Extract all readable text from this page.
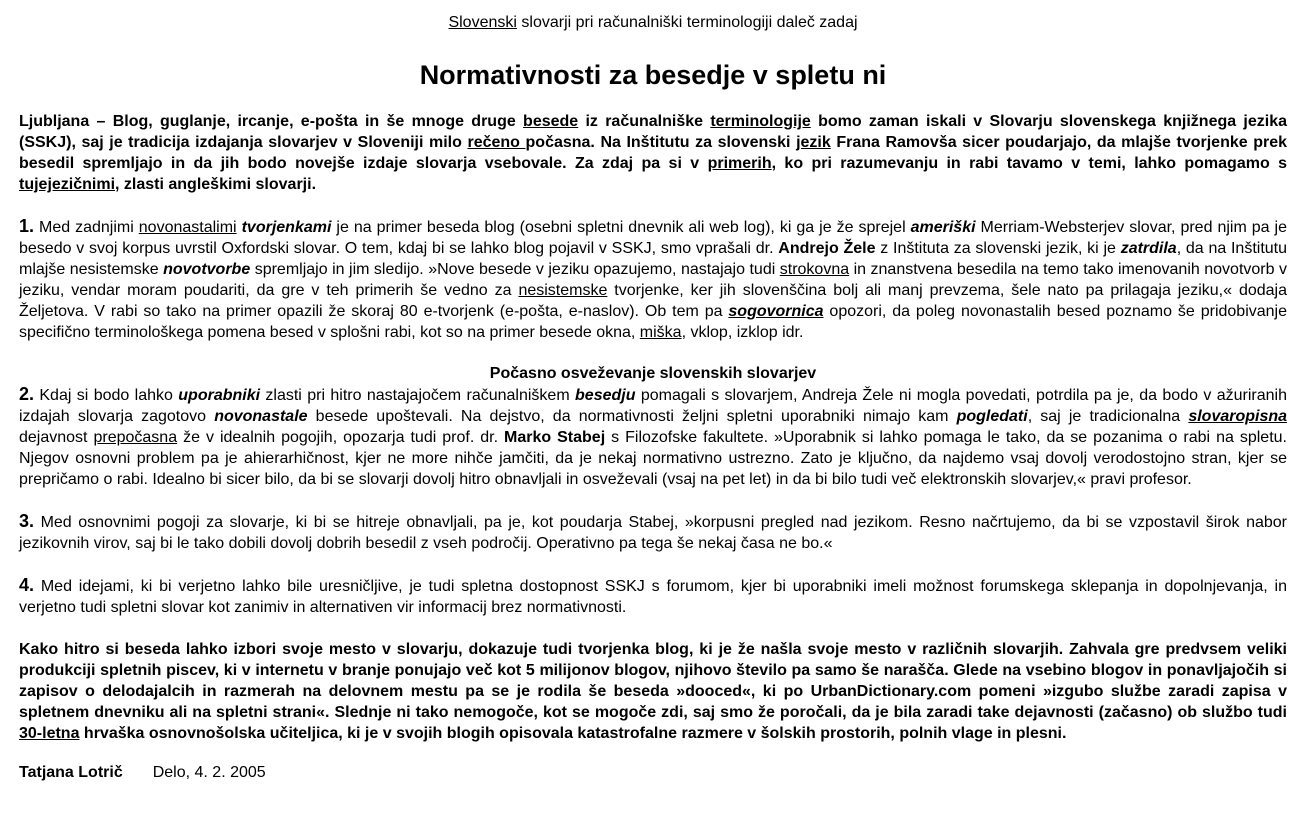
Slovenski slovarji pri računalniški terminologiji daleč zadaj
Normativnosti za besedje v spletu ni

Ljubljana – Blog, guglanje, ircanje, e-pošta in še mnoge druge besede iz računalniške terminologije bomo zaman iskali v Slovarju slovenskega knjižnega jezika (SSKJ), saj je tradicija izdajanja slovarjev v Sloveniji milo rečeno počasna. Na Inštitutu za slovenski jezik Frana Ramovša sicer poudarjajo, da mlajše tvorjenke prek besedil spremljajo in da jih bodo novejše izdaje slovarja vsebovale. Za zdaj pa si v primerih, ko pri razumevanju in rabi tavamo v temi, lahko pomagamo s tujejezičnimi, zlasti angleškimi slovarji.

1. Med zadnjimi novonastalimi tvorjenkami je na primer beseda blog (osebni spletni dnevnik ali web log), ki ga je že sprejel ameriški Merriam-Websterjev slovar, pred njim pa je besedo v svoj korpus uvrstil Oxfordski slovar. O tem, kdaj bi se lahko blog pojavil v SSKJ, smo vprašali dr. Andrejo Žele z Inštituta za slovenski jezik, ki je zatrdila, da na Inštitutu mlajše nesistemske novotvorbe spremljajo in jim sledijo. »Nove besede v jeziku opazujemo, nastajajo tudi strokovna in znanstvena besedila na temo tako imenovanih novotvorb v jeziku, vendar moram poudariti, da gre v teh primerih še vedno za nesistemske tvorjenke, ker jih slovenščina bolj ali manj prevzema, šele nato pa prilagaja jeziku,« dodaja Željetova. V rabi so tako na primer opazili že skoraj 80 e-tvorjenk (e-pošta, e-naslov). Ob tem pa sogovornica opozori, da poleg novonastalih besed poznamo še pridobivanje specifično terminološkega pomena besed v splošni rabi, kot so na primer besede okna, miška, vklop, izklop idr.

Počasno osveževanje slovenskih slovarjev

2. Kdaj si bodo lahko uporabniki zlasti pri hitro nastajajočem računalniškem besedju pomagali s slovarjem, Andreja Žele ni mogla povedati, potrdila pa je, da bodo v ažuriranih izdajah slovarja zagotovo novonastale besede upoštevali. Na dejstvo, da normativnosti željni spletni uporabniki nimajo kam pogledati, saj je tradicionalna slovaropisna dejavnost prepočasna že v idealnih pogojih, opozarja tudi prof. dr. Marko Stabej s Filozofske fakultete. »Uporabnik si lahko pomaga le tako, da se pozanima o rabi na spletu. Njegov osnovni problem pa je ahierarhičnost, kjer ne more nihče jamčiti, da je nekaj normativno ustrezno. Zato je ključno, da najdemo vsaj dovolj verodostojno stran, kjer se prepričamo o rabi. Idealno bi sicer bilo, da bi se slovarji dovolj hitro obnavljali in osveževali (vsaj na pet let) in da bi bilo tudi več elektronskih slovarjev,« pravi profesor.

3. Med osnovnimi pogoji za slovarje, ki bi se hitreje obnavljali, pa je, kot poudarja Stabej, »korpusni pregled nad jezikom. Resno načrtujemo, da bi se vzpostavil širok nabor jezikovnih virov, saj bi le tako dobili dovolj dobrih besedil z vseh področij. Operativno pa tega še nekaj časa ne bo.«

4. Med idejami, ki bi verjetno lahko bile uresničljive, je tudi spletna dostopnost SSKJ s forumom, kjer bi uporabniki imeli možnost forumskega sklepanja in dopolnjevanja, in verjetno tudi spletni slovar kot zanimiv in alternativen vir informacij brez normativnosti.

Kako hitro si beseda lahko izbori svoje mesto v slovarju, dokazuje tudi tvorjenka blog, ki je že našla svoje mesto v različnih slovarjih. Zahvala gre predvsem veliki produkciji spletnih piscev, ki v internetu v branje ponujajo več kot 5 milijonov blogov, njihovo število pa samo še narašča. Glede na vsebino blogov in ponavljajočih si zapisov o delodajalcih in razmerah na delovnem mestu pa se je rodila še beseda »dooced«, ki po UrbanDictionary.com pomeni »izgubo službe zaradi zapisa v spletnem dnevniku ali na spletni strani«. Slednje ni tako nemogoče, kot se mogoče zdi, saj smo že poročali, da je bila zaradi take dejavnosti (začasno) ob službo tudi 30-letna hrvaška osnovnošolska učiteljica, ki je v svojih blogih opisovala katastrofalne razmere v šolskih prostorih, polnih vlage in plesni.

Tatjana Lotrič Delo, 4. 2. 2005
